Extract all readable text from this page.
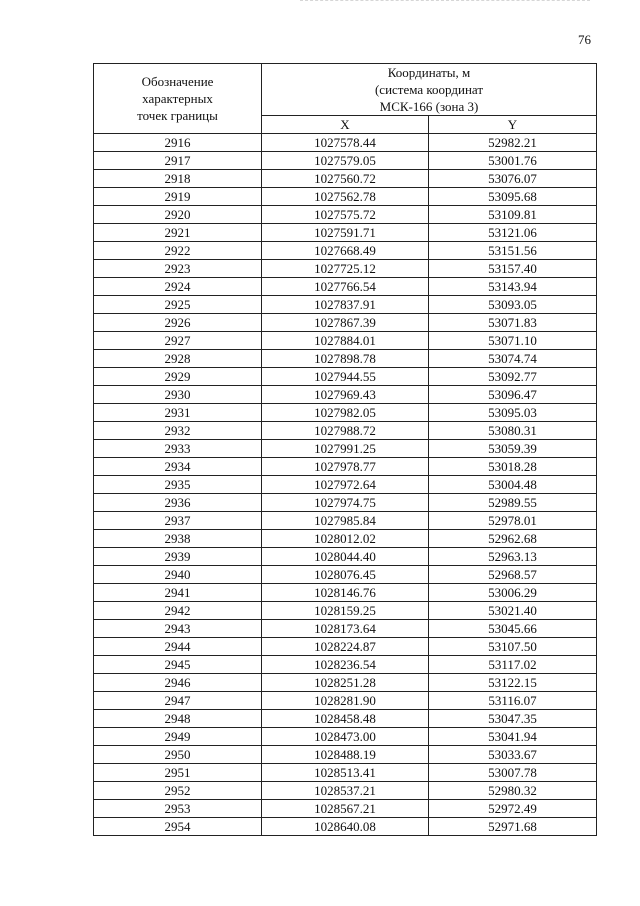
76
Обозначение
характерных
точек границы	Координаты, м
(система координат
МСК-166 (зона 3)	

	X	Y
2916	1027578.44	52982.21
2917	1027579.05	53001.76
2918	1027560.72	53076.07
2919	1027562.78	53095.68
2920	1027575.72	53109.81
2921	1027591.71	53121.06
2922	1027668.49	53151.56
2923	1027725.12	53157.40
2924	1027766.54	53143.94
2925	1027837.91	53093.05
2926	1027867.39	53071.83
2927	1027884.01	53071.10
2928	1027898.78	53074.74
2929	1027944.55	53092.77
2930	1027969.43	53096.47
2931	1027982.05	53095.03
2932	1027988.72	53080.31
2933	1027991.25	53059.39
2934	1027978.77	53018.28
2935	1027972.64	53004.48
2936	1027974.75	52989.55
2937	1027985.84	52978.01
2938	1028012.02	52962.68
2939	1028044.40	52963.13
2940	1028076.45	52968.57
2941	1028146.76	53006.29
2942	1028159.25	53021.40
2943	1028173.64	53045.66
2944	1028224.87	53107.50
2945	1028236.54	53117.02
2946	1028251.28	53122.15
2947	1028281.90	53116.07
2948	1028458.48	53047.35
2949	1028473.00	53041.94
2950	1028488.19	53033.67
2951	1028513.41	53007.78
2952	1028537.21	52980.32
2953	1028567.21	52972.49
2954	1028640.08	52971.68
